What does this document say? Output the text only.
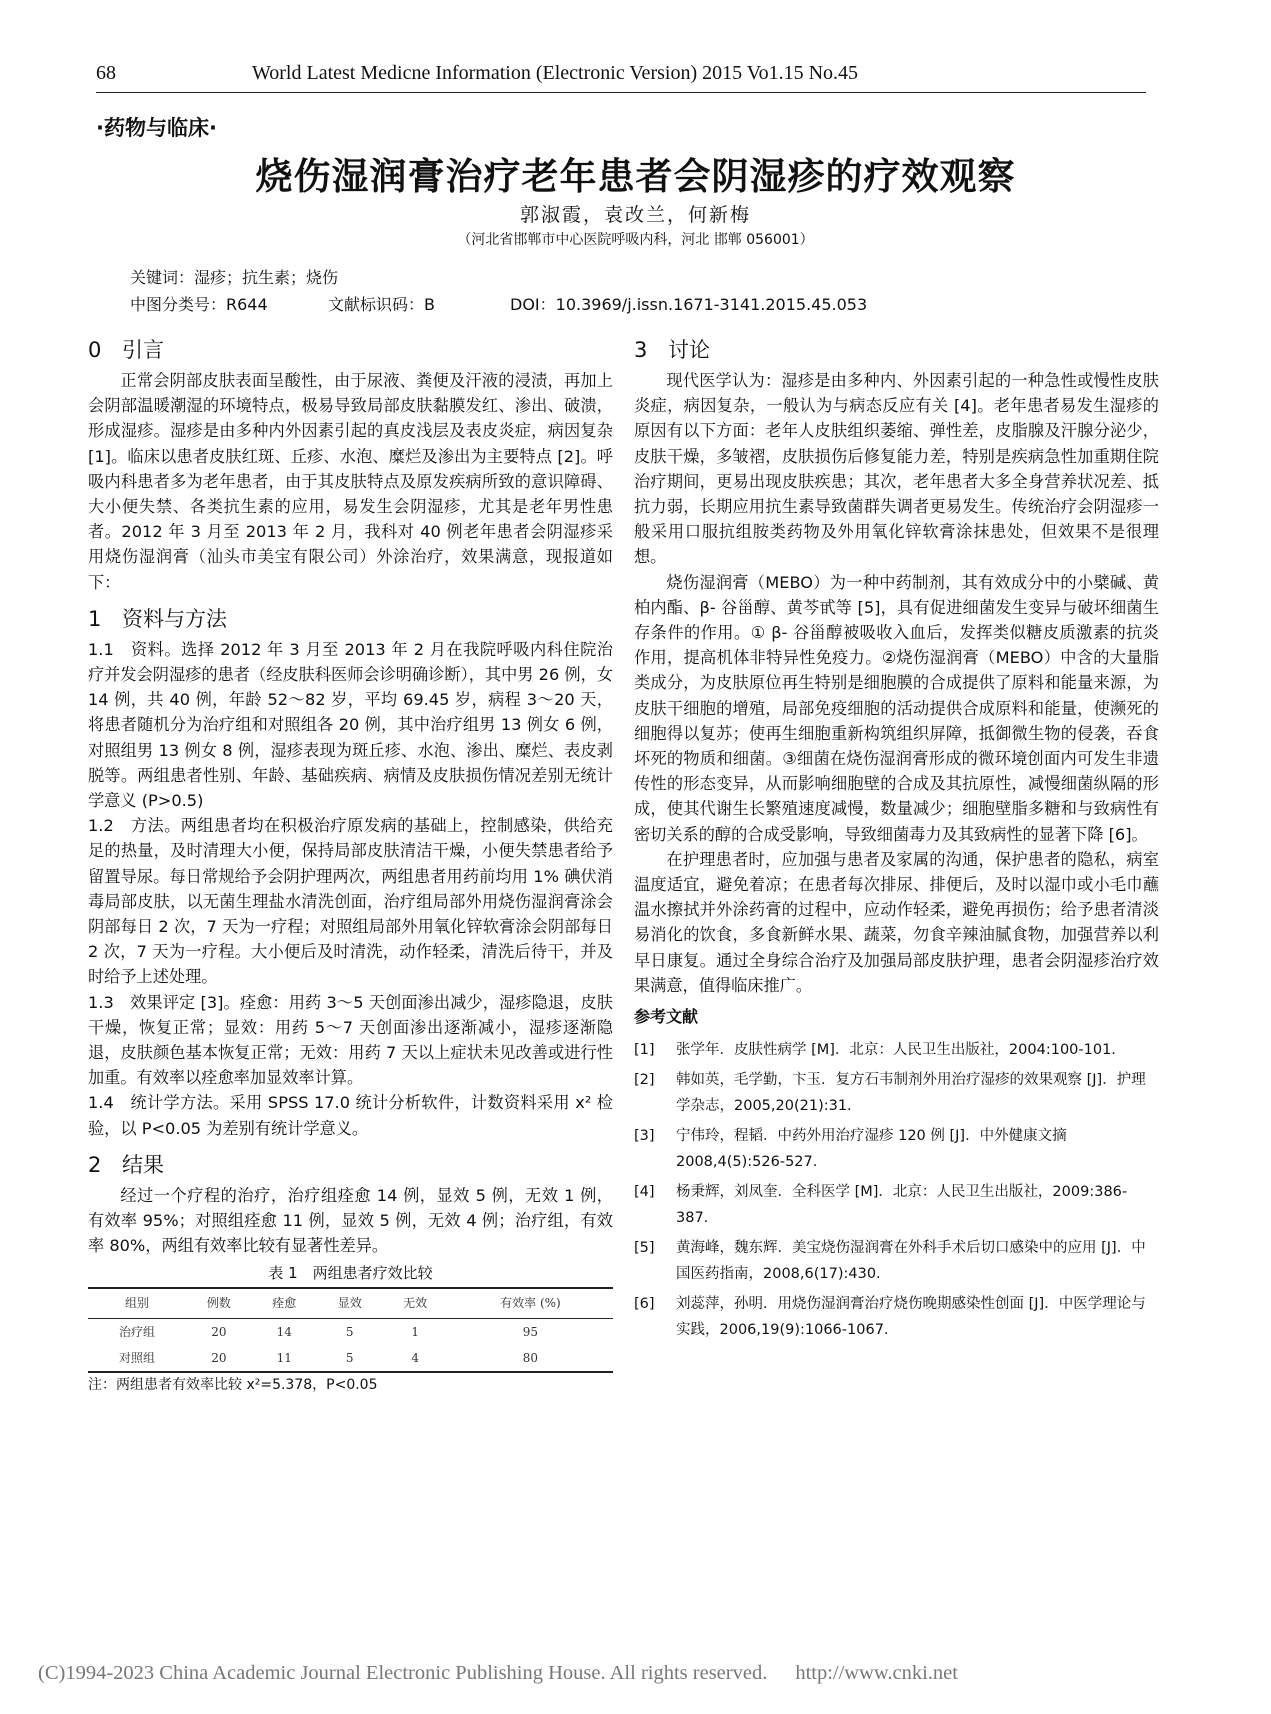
68	World Latest Medicne Information (Electronic Version) 2015 Vo1.15 No.45
·药物与临床·
烧伤湿润膏治疗老年患者会阴湿疹的疗效观察
郭淑霞，袁改兰，何新梅
（河北省邯郸市中心医院呼吸内科，河北 邯郸 056001）
关键词：湿疹；抗生素；烧伤
中图分类号：R644	文献标识码：B	DOI：10.3969/j.issn.1671-3141.2015.45.053
0 引言

正常会阴部皮肤表面呈酸性，由于尿液、粪便及汗液的浸渍，再加上会阴部温暖潮湿的环境特点，极易导致局部皮肤黏膜发红、渗出、破溃，形成湿疹。湿疹是由多种内外因素引起的真皮浅层及表皮炎症，病因复杂 [1]。临床以患者皮肤红斑、丘疹、水泡、糜烂及渗出为主要特点 [2]。呼吸内科患者多为老年患者，由于其皮肤特点及原发疾病所致的意识障碍、大小便失禁、各类抗生素的应用，易发生会阴湿疹，尤其是老年男性患者。2012 年 3 月至 2013 年 2 月，我科对 40 例老年患者会阴湿疹采用烧伤湿润膏（汕头市美宝有限公司）外涂治疗，效果满意，现报道如下：

1 资料与方法

1.1　资料。选择 2012 年 3 月至 2013 年 2 月在我院呼吸内科住院治疗并发会阴湿疹的患者（经皮肤科医师会诊明确诊断），其中男 26 例，女 14 例，共 40 例，年龄 52～82 岁，平均 69.45 岁，病程 3～20 天，将患者随机分为治疗组和对照组各 20 例，其中治疗组男 13 例女 6 例，对照组男 13 例女 8 例，湿疹表现为斑丘疹、水泡、渗出、糜烂、表皮剥脱等。两组患者性别、年龄、基础疾病、病情及皮肤损伤情况差别无统计学意义 (P>0.5)

1.2　方法。两组患者均在积极治疗原发病的基础上，控制感染，供给充足的热量，及时清理大小便，保持局部皮肤清洁干燥，小便失禁患者给予留置导尿。每日常规给予会阴护理两次，两组患者用药前均用 1% 碘伏消毒局部皮肤，以无菌生理盐水清洗创面，治疗组局部外用烧伤湿润膏涂会阴部每日 2 次，7 天为一疗程；对照组局部外用氧化锌软膏涂会阴部每日 2 次，7 天为一疗程。大小便后及时清洗，动作轻柔，清洗后待干，并及时给予上述处理。

1.3　效果评定 [3]。痊愈：用药 3～5 天创面渗出减少，湿疹隐退，皮肤干燥，恢复正常；显效：用药 5～7 天创面渗出逐渐减小，湿疹逐渐隐退，皮肤颜色基本恢复正常；无效：用药 7 天以上症状未见改善或进行性加重。有效率以痊愈率加显效率计算。

1.4　统计学方法。采用 SPSS 17.0 统计分析软件，计数资料采用 x² 检验，以 P<0.05 为差别有统计学意义。

2 结果

经过一个疗程的治疗，治疗组痊愈 14 例，显效 5 例，无效 1 例，有效率 95%；对照组痊愈 11 例，显效 5 例，无效 4 例；治疗组，有效率 80%，两组有效率比较有显著性差异。

表 1　两组患者疗效比较
组别	例数	痊愈	显效	无效	有效率 (%)
治疗组	20	14	5	1	95
对照组	20	11	5	4	80
注：两组患者有效率比较 x²=5.378，P<0.05
3 讨论

现代医学认为：湿疹是由多种内、外因素引起的一种急性或慢性皮肤炎症，病因复杂，一般认为与病态反应有关 [4]。老年患者易发生湿疹的原因有以下方面：老年人皮肤组织萎缩、弹性差，皮脂腺及汗腺分泌少，皮肤干燥，多皱褶，皮肤损伤后修复能力差，特别是疾病急性加重期住院治疗期间，更易出现皮肤疾患；其次，老年患者大多全身营养状况差、抵抗力弱，长期应用抗生素导致菌群失调者更易发生。传统治疗会阴湿疹一般采用口服抗组胺类药物及外用氧化锌软膏涂抹患处，但效果不是很理想。

烧伤湿润膏（MEBO）为一种中药制剂，其有效成分中的小檗碱、黄柏内酯、β- 谷甾醇、黄芩甙等 [5]，具有促进细菌发生变异与破坏细菌生存条件的作用。① β- 谷甾醇被吸收入血后，发挥类似糖皮质激素的抗炎作用，提高机体非特异性免疫力。②烧伤湿润膏（MEBO）中含的大量脂类成分，为皮肤原位再生特别是细胞膜的合成提供了原料和能量来源，为皮肤干细胞的增殖，局部免疫细胞的活动提供合成原料和能量，使濒死的细胞得以复苏；使再生细胞重新构筑组织屏障，抵御微生物的侵袭，吞食坏死的物质和细菌。③细菌在烧伤湿润膏形成的微环境创面内可发生非遗传性的形态变异，从而影响细胞壁的合成及其抗原性，减慢细菌纵隔的形成，使其代谢生长繁殖速度减慢，数量减少；细胞壁脂多糖和与致病性有密切关系的醇的合成受影响，导致细菌毒力及其致病性的显著下降 [6]。

在护理患者时，应加强与患者及家属的沟通，保护患者的隐私，病室温度适宜，避免着凉；在患者每次排尿、排便后，及时以湿巾或小毛巾蘸温水擦拭并外涂药膏的过程中，应动作轻柔，避免再损伤；给予患者清淡易消化的饮食，多食新鲜水果、蔬菜，勿食辛辣油腻食物，加强营养以利早日康复。通过全身综合治疗及加强局部皮肤护理，患者会阴湿疹治疗效果满意，值得临床推广。

参考文献
[1]	张学年．皮肤性病学 [M]．北京：人民卫生出版社，2004:100-101.
[2]	韩如英，毛学勤，卞玉．复方石韦制剂外用治疗湿疹的效果观察 [J]．护理学杂志，2005,20(21):31.
[3]	宁伟玲，程韬．中药外用治疗湿疹 120 例 [J]．中外健康文摘 2008,4(5):526-527.
[4]	杨秉辉，刘凤奎．全科医学 [M]．北京：人民卫生出版社，2009:386-387.
[5]	黄海峰，魏东辉．美宝烧伤湿润膏在外科手术后切口感染中的应用 [J]．中国医药指南，2008,6(17):430.
[6]	刘蕊萍，孙明．用烧伤湿润膏治疗烧伤晚期感染性创面 [J]．中医学理论与实践，2006,19(9):1066-1067.
(C)1994-2023 China Academic Journal Electronic Publishing House. All rights reserved. http://www.cnki.net
